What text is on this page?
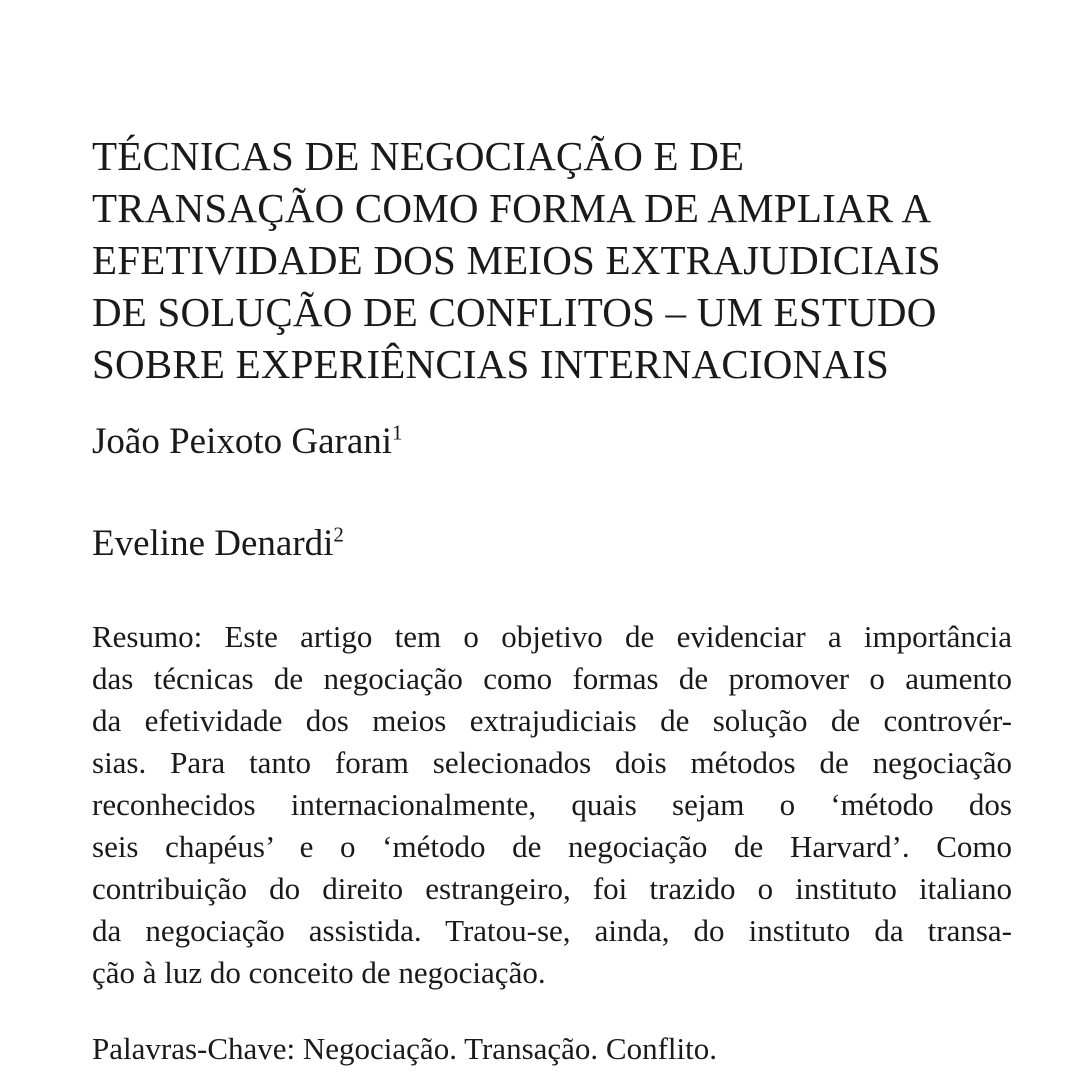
TÉCNICAS DE NEGOCIAÇÃO E DE
TRANSAÇÃO COMO FORMA DE AMPLIAR A
EFETIVIDADE DOS MEIOS EXTRAJUDICIAIS
DE SOLUÇÃO DE CONFLITOS – UM ESTUDO
SOBRE EXPERIÊNCIAS INTERNACIONAIS

João Peixoto Garani$^1$

Eveline Denardi$^2$

Resumo: Este artigo tem o objetivo de evidenciar a importância
das técnicas de negociação como formas de promover o aumento
da efetividade dos meios extrajudiciais de solução de controvér-
sias. Para tanto foram selecionados dois métodos de negociação
reconhecidos internacionalmente, quais sejam o ‘método dos
seis chapéus’ e o ‘método de negociação de Harvard’. Como
contribuição do direito estrangeiro, foi trazido o instituto italiano
da negociação assistida. Tratou-se, ainda, do instituto da transa-
ção à luz do conceito de negociação.

Palavras-Chave: Negociação. Transação. Conflito.
